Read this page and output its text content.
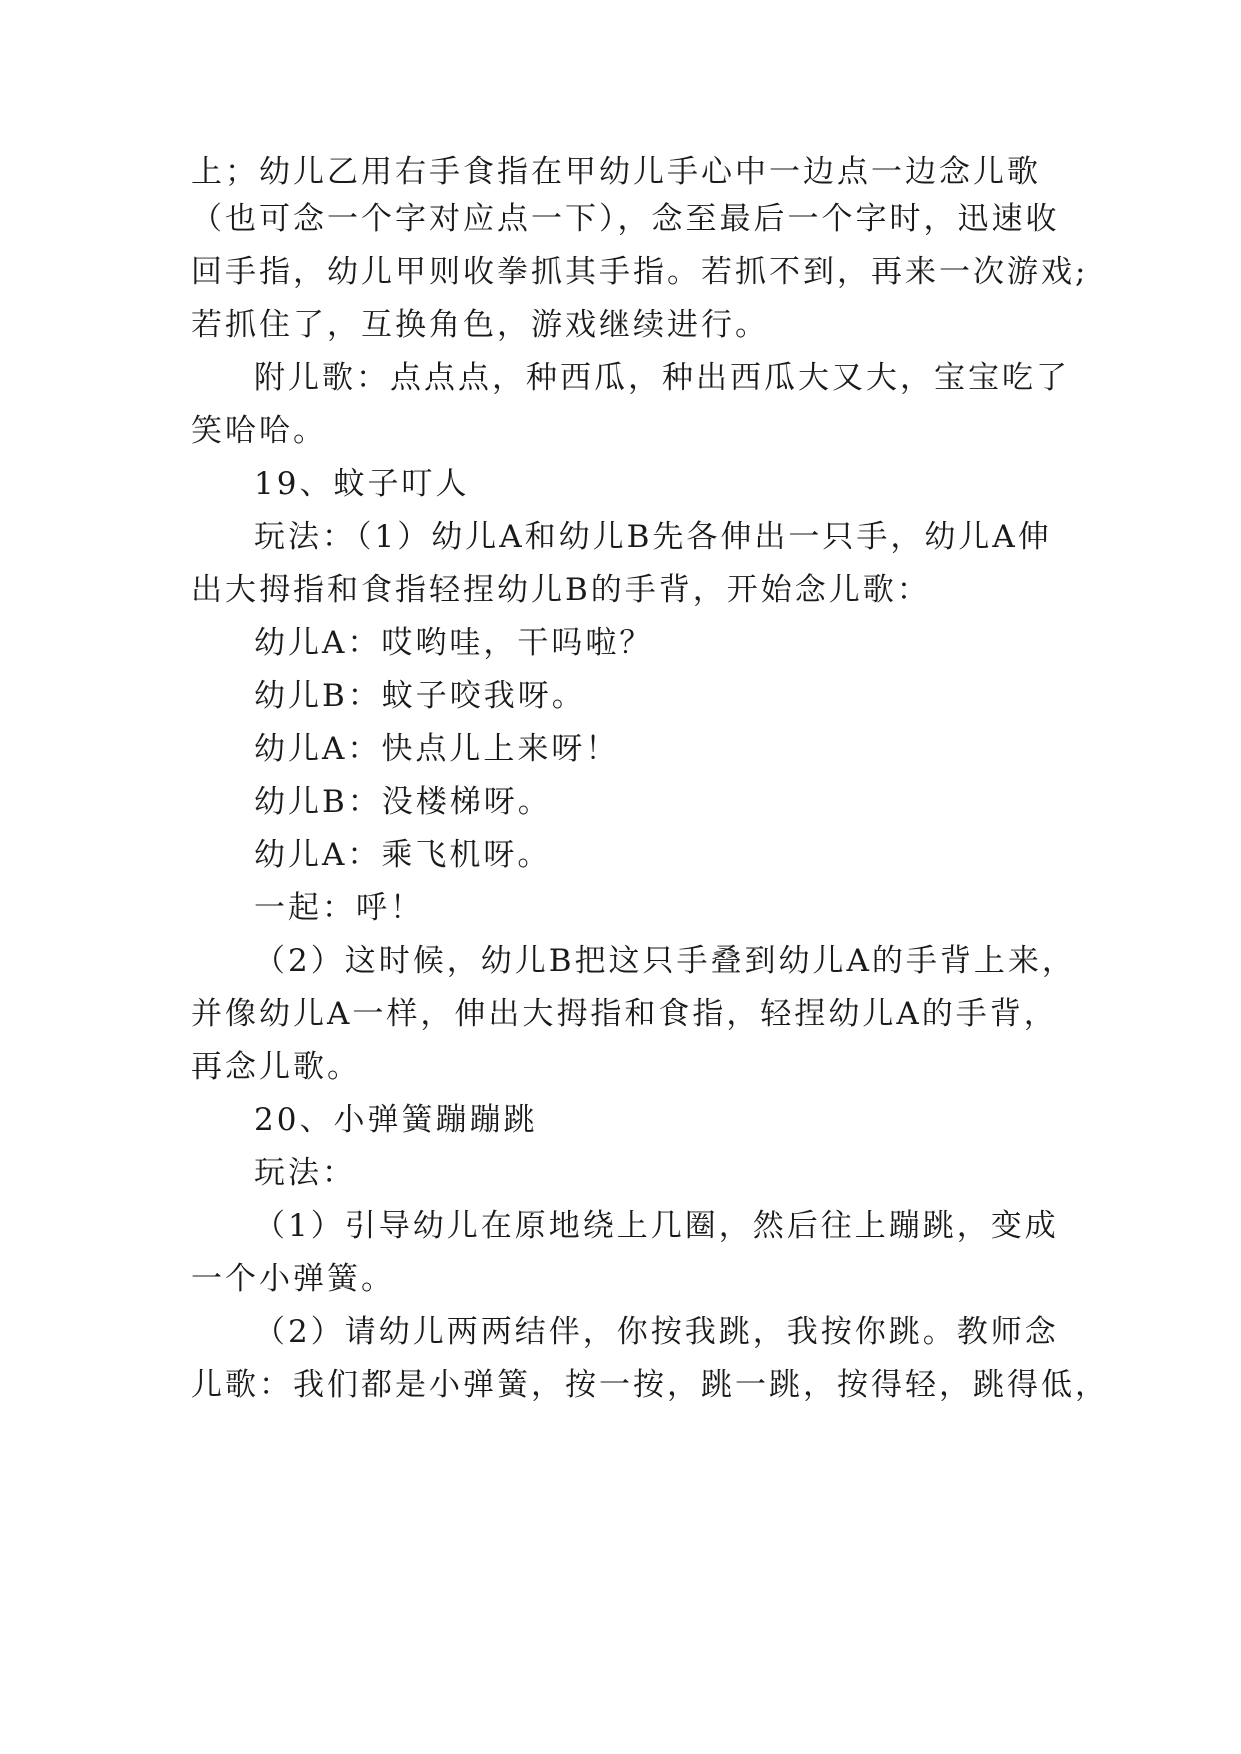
上；幼儿乙用右手食指在甲幼儿手心中一边点一边念儿歌
（也可念一个字对应点一下），念至最后一个字时，迅速收
回手指，幼儿甲则收拳抓其手指。若抓不到，再来一次游戏;
若抓住了，互换角色，游戏继续进行。
附儿歌：点点点，种西瓜，种出西瓜大又大，宝宝吃了
笑哈哈。
19、蚊子叮人
玩法：（1）幼儿A和幼儿B先各伸出一只手，幼儿A伸
出大拇指和食指轻捏幼儿B的手背，开始念儿歌：
幼儿A：哎哟哇，干吗啦？
幼儿B：蚊子咬我呀。
幼儿A：快点儿上来呀！
幼儿B：没楼梯呀。
幼儿A：乘飞机呀。
一起：呼！
（2）这时候，幼儿B把这只手叠到幼儿A的手背上来，
并像幼儿A一样，伸出大拇指和食指，轻捏幼儿A的手背，
再念儿歌。
20、小弹簧蹦蹦跳
玩法：
（1）引导幼儿在原地绕上几圈，然后往上蹦跳，变成
一个小弹簧。
（2）请幼儿两两结伴，你按我跳，我按你跳。教师念
儿歌：我们都是小弹簧，按一按，跳一跳，按得轻，跳得低，
